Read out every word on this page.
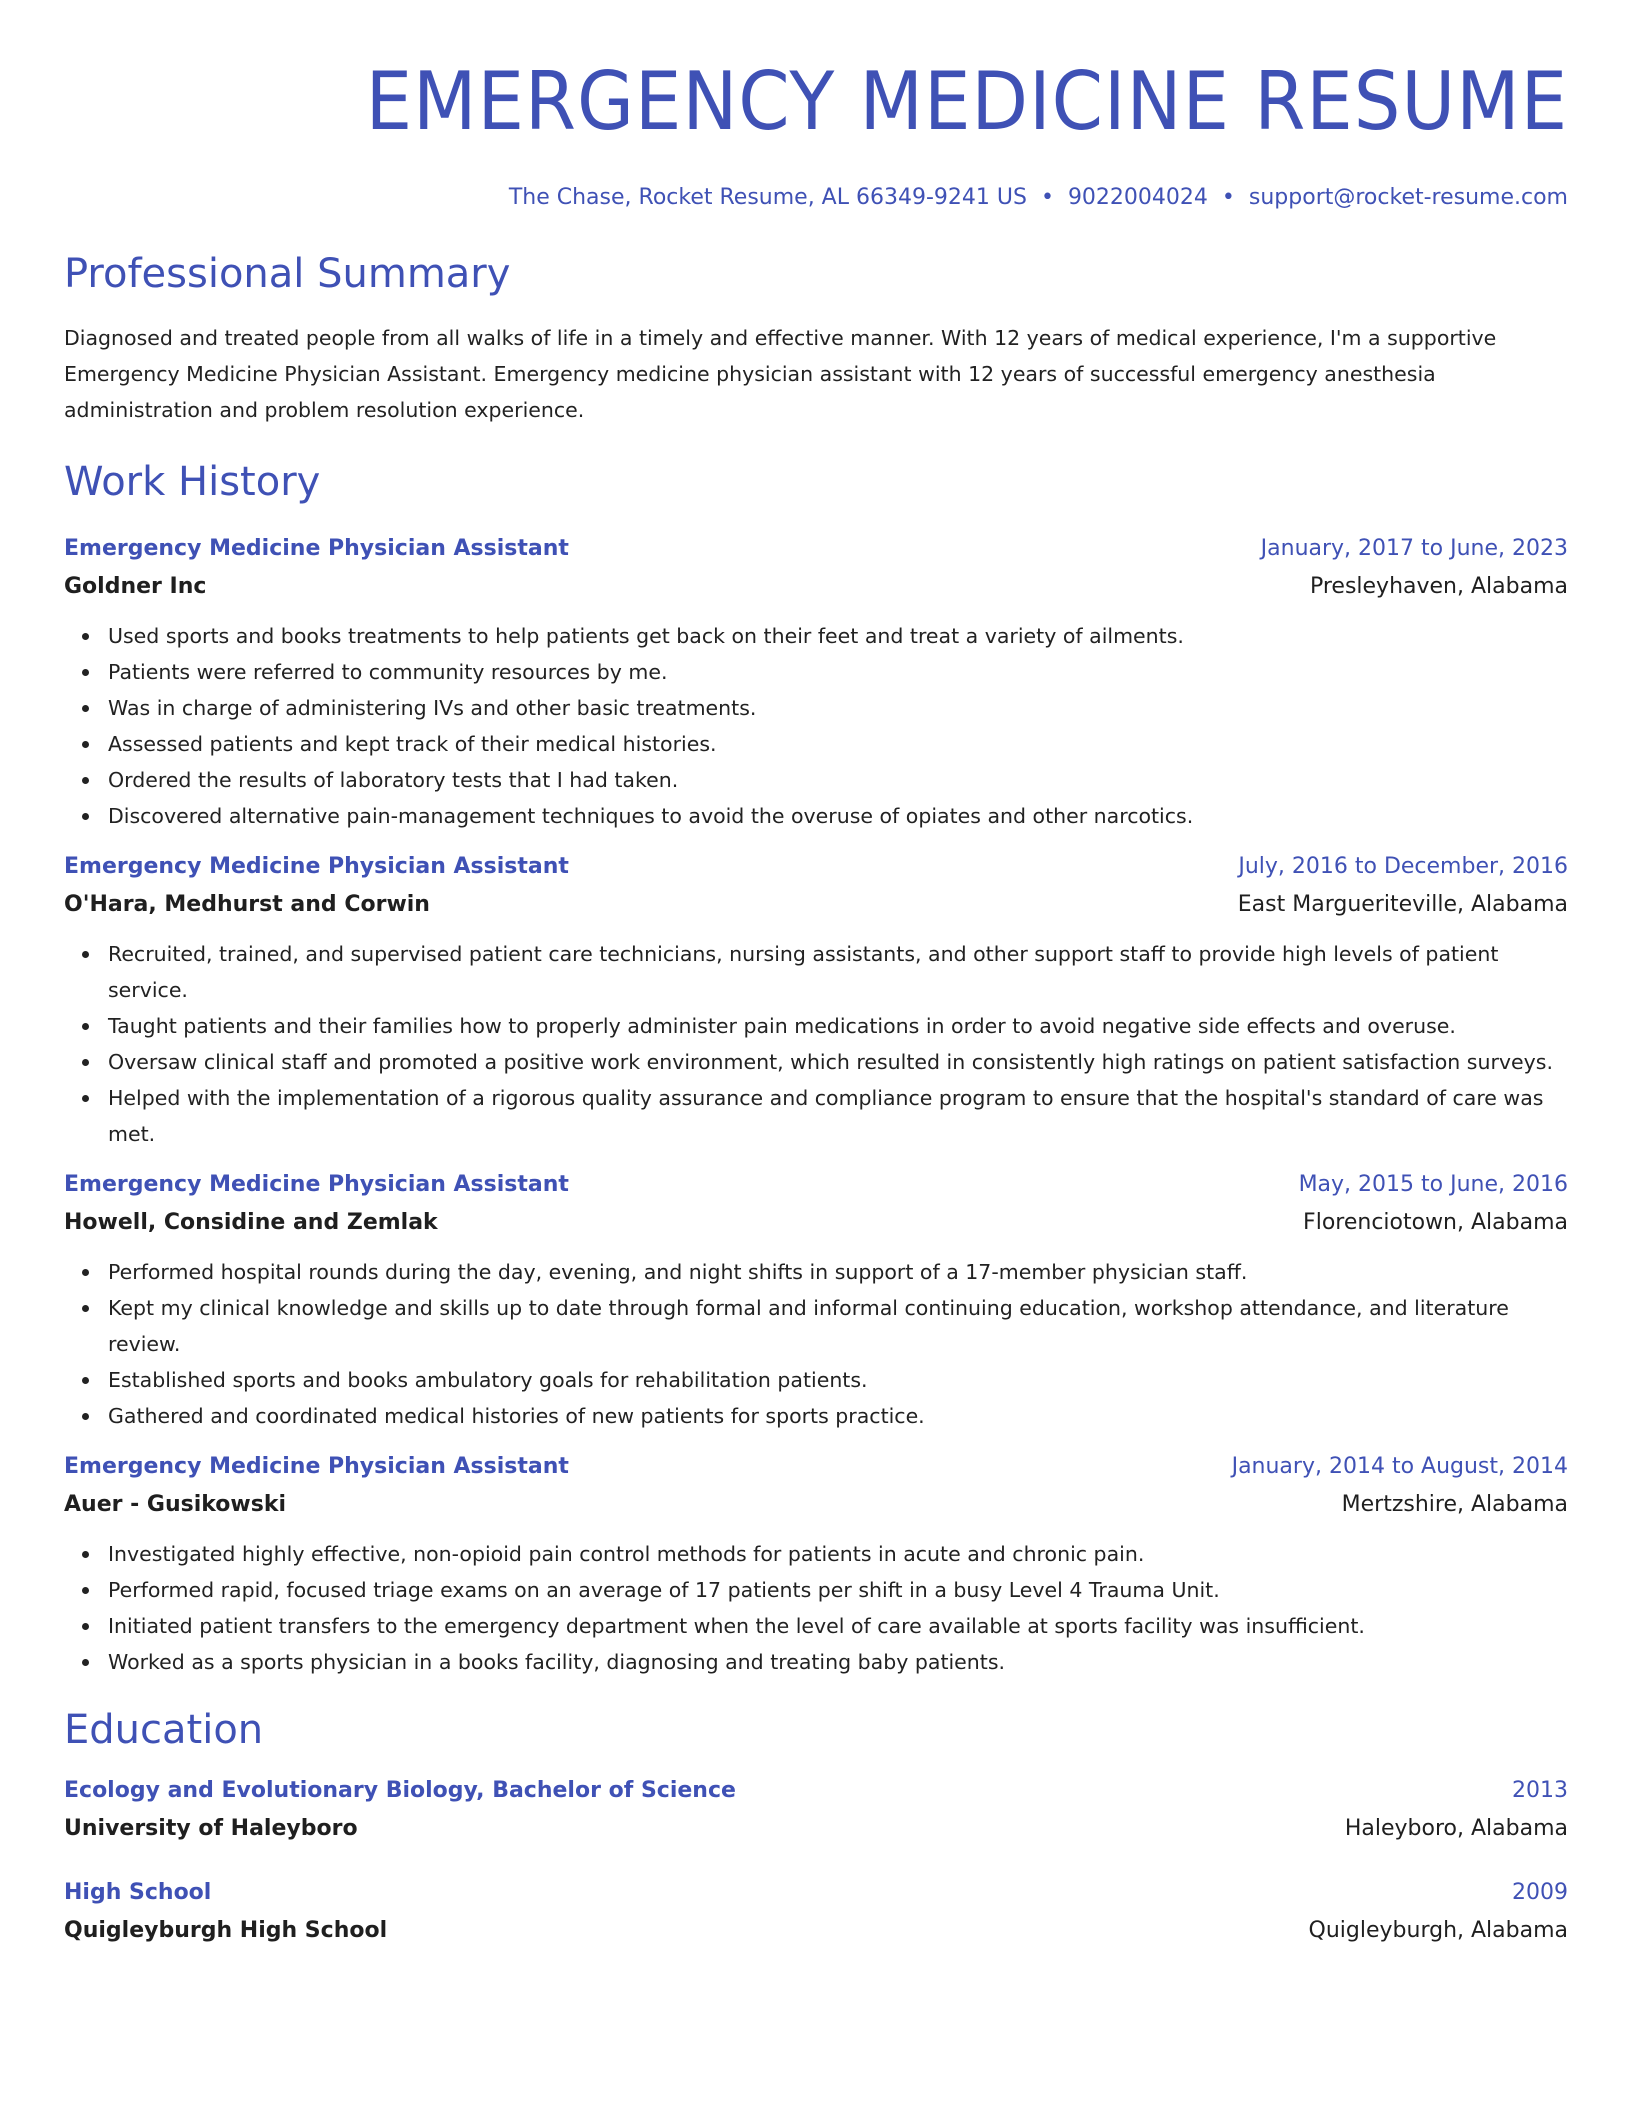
EMERGENCY MEDICINE RESUME
The Chase, Rocket Resume, AL 66349-9241 US • 9022004024 • support@rocket-resume.com
Professional Summary

Diagnosed and treated people from all walks of life in a timely and effective manner. With 12 years of medical experience, I'm a supportive Emergency Medicine Physician Assistant. Emergency medicine physician assistant with 12 years of successful emergency anesthesia administration and problem resolution experience.

Work History
Emergency Medicine Physician Assistant	January, 2017 to June, 2023
Goldner Inc	Presleyhaven, Alabama
Used sports and books treatments to help patients get back on their feet and treat a variety of ailments.
Patients were referred to community resources by me.
Was in charge of administering IVs and other basic treatments.
Assessed patients and kept track of their medical histories.
Ordered the results of laboratory tests that I had taken.
Discovered alternative pain-management techniques to avoid the overuse of opiates and other narcotics.
Emergency Medicine Physician Assistant	July, 2016 to December, 2016
O'Hara, Medhurst and Corwin	East Margueriteville, Alabama
Recruited, trained, and supervised patient care technicians, nursing assistants, and other support staff to provide high levels of patient service.
Taught patients and their families how to properly administer pain medications in order to avoid negative side effects and overuse.
Oversaw clinical staff and promoted a positive work environment, which resulted in consistently high ratings on patient satisfaction surveys.
Helped with the implementation of a rigorous quality assurance and compliance program to ensure that the hospital's standard of care was met.
Emergency Medicine Physician Assistant	May, 2015 to June, 2016
Howell, Considine and Zemlak	Florenciotown, Alabama
Performed hospital rounds during the day, evening, and night shifts in support of a 17-member physician staff.
Kept my clinical knowledge and skills up to date through formal and informal continuing education, workshop attendance, and literature review.
Established sports and books ambulatory goals for rehabilitation patients.
Gathered and coordinated medical histories of new patients for sports practice.
Emergency Medicine Physician Assistant	January, 2014 to August, 2014
Auer - Gusikowski	Mertzshire, Alabama
Investigated highly effective, non-opioid pain control methods for patients in acute and chronic pain.
Performed rapid, focused triage exams on an average of 17 patients per shift in a busy Level 4 Trauma Unit.
Initiated patient transfers to the emergency department when the level of care available at sports facility was insufficient.
Worked as a sports physician in a books facility, diagnosing and treating baby patients.
Education
Ecology and Evolutionary Biology, Bachelor of Science	2013
University of Haleyboro	Haleyboro, Alabama
High School	2009
Quigleyburgh High School	Quigleyburgh, Alabama
